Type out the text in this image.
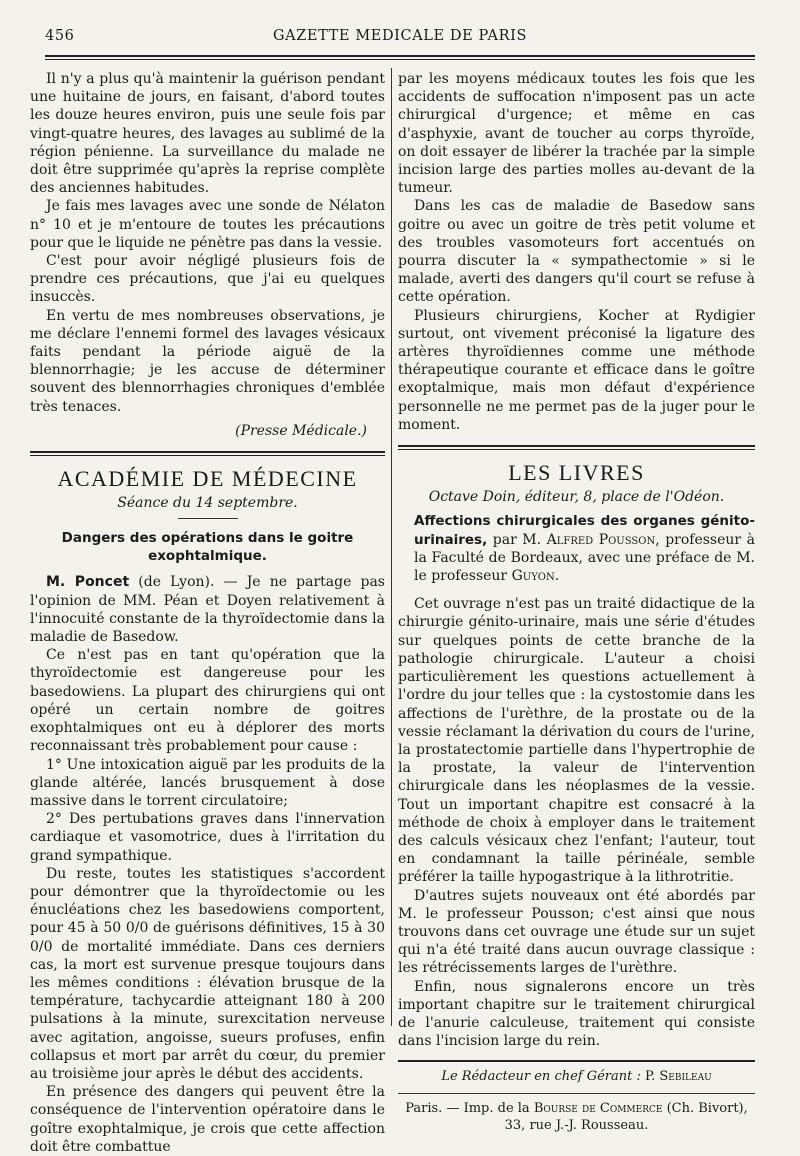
456	GAZETTE MEDICALE DE PARIS

Il n'y a plus qu'à maintenir la guérison pendant une huitaine de jours, en faisant, d'abord toutes les douze heures environ, puis une seule fois par vingt-quatre heures, des lavages au sublimé de la région pénienne. La surveillance du malade ne doit être supprimée qu'après la reprise complète des anciennes habitudes.

Je fais mes lavages avec une sonde de Nélaton n° 10 et je m'entoure de toutes les précautions pour que le liquide ne pénètre pas dans la vessie.

C'est pour avoir négligé plusieurs fois de prendre ces précautions, que j'ai eu quelques insuccès.

En vertu de mes nombreuses observations, je me déclare l'ennemi formel des lavages vésicaux faits pendant la période aiguë de la blennorrhagie; je les accuse de déterminer souvent des blennorrhagies chroniques d'emblée très tenaces.

(Presse Médicale.)

ACADÉMIE DE MÉDECINE
Séance du 14 septembre.
Dangers des opérations dans le goitre exophtalmique.

M. Poncet (de Lyon). — Je ne partage pas l'opinion de MM. Péan et Doyen relativement à l'innocuité constante de la thyroïdectomie dans la maladie de Basedow.

Ce n'est pas en tant qu'opération que la thyroïdectomie est dangereuse pour les basedowiens. La plupart des chirurgiens qui ont opéré un certain nombre de goitres exophtalmiques ont eu à déplorer des morts reconnaissant très probablement pour cause :

1° Une intoxication aiguë par les produits de la glande altérée, lancés brusquement à dose massive dans le torrent circulatoire;

2° Des pertubations graves dans l'innervation cardiaque et vasomotrice, dues à l'irritation du grand sympathique.

Du reste, toutes les statistiques s'accordent pour démontrer que la thyroïdectomie ou les énucléations chez les basedowiens comportent, pour 45 à 50 0/0 de guérisons définitives, 15 à 30 0/0 de mortalité immédiate. Dans ces derniers cas, la mort est survenue presque toujours dans les mêmes conditions : élévation brusque de la température, tachycardie atteignant 180 à 200 pulsations à la minute, surexcitation nerveuse avec agitation, angoisse, sueurs profuses, enfin collapsus et mort par arrêt du cœur, du premier au troisième jour après le début des accidents.

En présence des dangers qui peuvent être la conséquence de l'intervention opératoire dans le goître exophtalmique, je crois que cette affection doit être combattue

par les moyens médicaux toutes les fois que les accidents de suffocation n'imposent pas un acte chirurgical d'urgence; et même en cas d'asphyxie, avant de toucher au corps thyroïde, on doit essayer de libérer la trachée par la simple incision large des parties molles au-devant de la tumeur.

Dans les cas de maladie de Basedow sans goitre ou avec un goitre de très petit volume et des troubles vasomoteurs fort accentués on pourra discuter la « sympathectomie » si le malade, averti des dangers qu'il court se refuse à cette opération.

Plusieurs chirurgiens, Kocher at Rydigier surtout, ont vivement préconisé la ligature des artères thyroïdiennes comme une méthode thérapeutique courante et efficace dans le goître exoptalmique, mais mon défaut d'expérience personnelle ne me permet pas de la juger pour le moment.

LES LIVRES
Octave Doin, éditeur, 8, place de l'Odéon.

Affections chirurgicales des organes génito-urinaires, par M. Alfred Pousson, professeur à la Faculté de Bordeaux, avec une préface de M. le professeur Guyon.

Cet ouvrage n'est pas un traité didactique de la chirurgie génito-urinaire, mais une série d'études sur quelques points de cette branche de la pathologie chirurgicale. L'auteur a choisi particulièrement les questions actuellement à l'ordre du jour telles que : la cystostomie dans les affections de l'urèthre, de la prostate ou de la vessie réclamant la dérivation du cours de l'urine, la prostatectomie partielle dans l'hypertrophie de la prostate, la valeur de l'intervention chirurgicale dans les néoplasmes de la vessie. Tout un important chapitre est consacré à la méthode de choix à employer dans le traitement des calculs vésicaux chez l'enfant; l'auteur, tout en condamnant la taille périnéale, semble préférer la taille hypogastrique à la lithrotritie.

D'autres sujets nouveaux ont été abordés par M. le professeur Pousson; c'est ainsi que nous trouvons dans cet ouvrage une étude sur un sujet qui n'a été traité dans aucun ouvrage classique : les rétrécissements larges de l'urèthre.

Enfin, nous signalerons encore un très important chapitre sur le traitement chirurgical de l'anurie calculeuse, traitement qui consiste dans l'incision large du rein.

Le Rédacteur en chef Gérant : P. Sebileau
Paris. — Imp. de la Bourse de Commerce (Ch. Bivort),
33, rue J.-J. Rousseau.
